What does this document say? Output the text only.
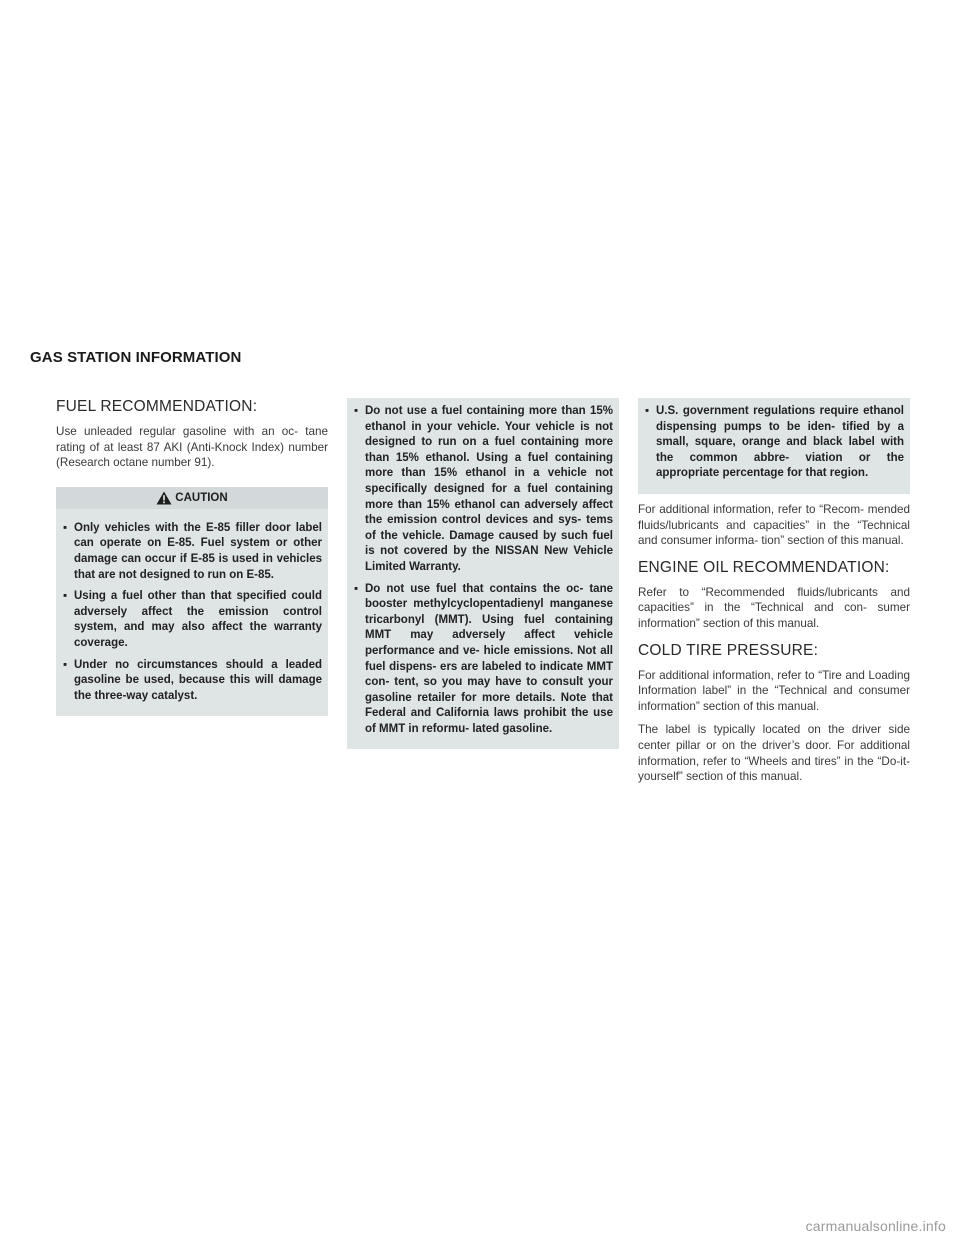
GAS STATION INFORMATION
FUEL RECOMMENDATION:

Use unleaded regular gasoline with an oc- tane rating of at least 87 AKI (Anti-Knock Index) number (Research octane number 91).

CAUTION
▪ Only vehicles with the E-85 filler door label can operate on E-85. Fuel system or other damage can occur if E-85 is used in vehicles that are not designed to run on E-85.
▪ Using a fuel other than that specified could adversely affect the emission control system, and may also affect the warranty coverage.
▪ Under no circumstances should a leaded gasoline be used, because this will damage the three-way catalyst.
▪ Do not use a fuel containing more than 15% ethanol in your vehicle. Your vehicle is not designed to run on a fuel containing more than 15% ethanol. Using a fuel containing more than 15% ethanol in a vehicle not specifically designed for a fuel containing more than 15% ethanol can adversely affect the emission control devices and sys- tems of the vehicle. Damage caused by such fuel is not covered by the NISSAN New Vehicle Limited Warranty.
▪ Do not use fuel that contains the oc- tane booster methylcyclopentadienyl manganese tricarbonyl (MMT). Using fuel containing MMT may adversely affect vehicle performance and ve- hicle emissions. Not all fuel dispens- ers are labeled to indicate MMT con- tent, so you may have to consult your gasoline retailer for more details. Note that Federal and California laws prohibit the use of MMT in reformu- lated gasoline.
▪ U.S. government regulations require ethanol dispensing pumps to be iden- tified by a small, square, orange and black label with the common abbre- viation or the appropriate percentage for that region.

For additional information, refer to “Recom- mended fluids/lubricants and capacities” in the “Technical and consumer informa- tion” section of this manual.

ENGINE OIL RECOMMENDATION:

Refer to “Recommended fluids/lubricants and capacities” in the “Technical and con- sumer information” section of this manual.

COLD TIRE PRESSURE:

For additional information, refer to “Tire and Loading Information label” in the “Technical and consumer information” section of this manual.

The label is typically located on the driver side center pillar or on the driver’s door. For additional information, refer to “Wheels and tires” in the “Do-it-yourself” section of this manual.

carmanualsonline.info
